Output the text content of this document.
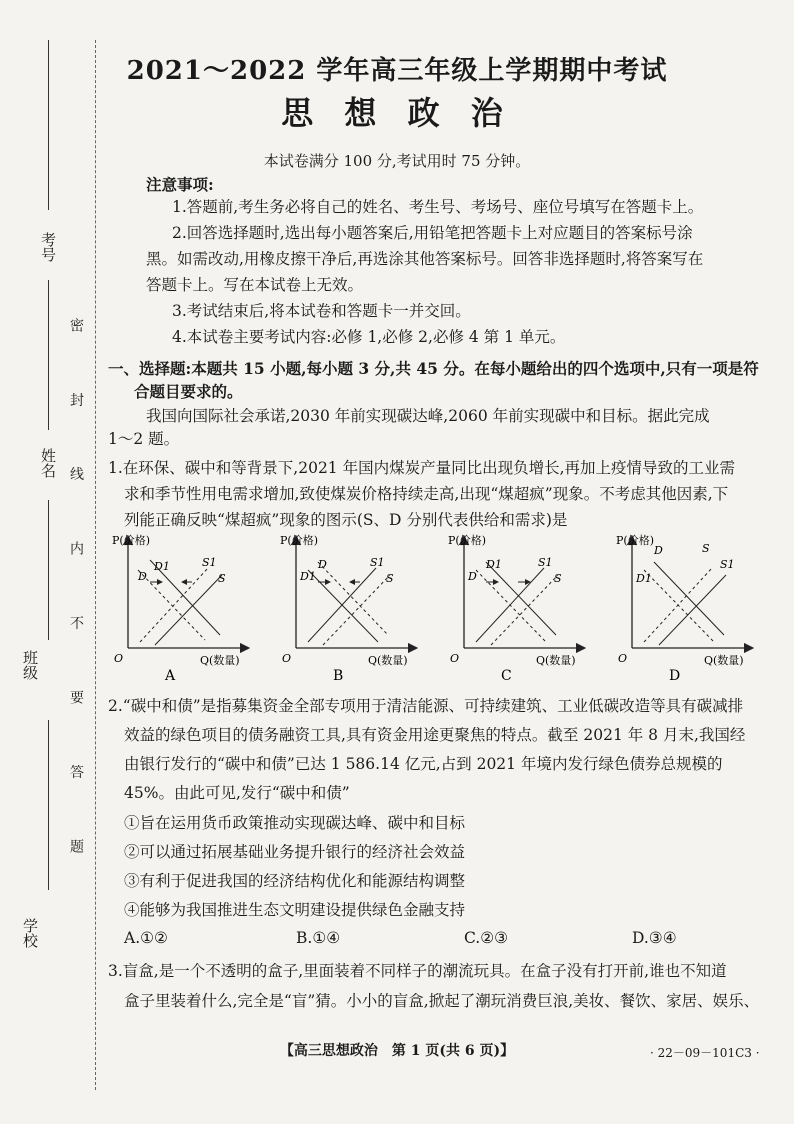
考号
姓名
班级
学校
密 封 线 内 不 要 答 题
2021～2022 学年高三年级上学期期中考试
思 想 政 治
本试卷满分 100 分,考试用时 75 分钟。
注意事项:
1.答题前,考生务必将自己的姓名、考生号、考场号、座位号填写在答题卡上。
2.回答选择题时,选出每小题答案后,用铅笔把答题卡上对应题目的答案标号涂
黑。如需改动,用橡皮擦干净后,再选涂其他答案标号。回答非选择题时,将答案写在
答题卡上。写在本试卷上无效。
3.考试结束后,将本试卷和答题卡一并交回。
4.本试卷主要考试内容:必修 1,必修 2,必修 4 第 1 单元。
一、选择题:本题共 15 小题,每小题 3 分,共 45 分。在每小题给出的四个选项中,只有一项是符
合题目要求的。
我国向国际社会承诺,2030 年前实现碳达峰,2060 年前实现碳中和目标。据此完成
1～2 题。
1.在环保、碳中和等背景下,2021 年国内煤炭产量同比出现负增长,再加上疫情导致的工业需
求和季节性用电需求增加,致使煤炭价格持续走高,出现“煤超疯”现象。不考虑其他因素,下
列能正确反映“煤超疯”现象的图示(S、D 分别代表供给和需求)是
P(价格)
O	Q(数量)
D
D1	S1
S
A
P(价格)
O	Q(数量)
D1
D	S1
S
B
P(价格)
O	Q(数量)
D
D1	S1
S
C
P(价格)
O	Q(数量)
D
D1
S
S1
D
2.“碳中和债”是指募集资金全部专项用于清洁能源、可持续建筑、工业低碳改造等具有碳减排
效益的绿色项目的债务融资工具,具有资金用途更聚焦的特点。截至 2021 年 8 月末,我国经
由银行发行的“碳中和债”已达 1 586.14 亿元,占到 2021 年境内发行绿色债券总规模的
45%。由此可见,发行“碳中和债”
①旨在运用货币政策推动实现碳达峰、碳中和目标
②可以通过拓展基础业务提升银行的经济社会效益
③有利于促进我国的经济结构优化和能源结构调整
④能够为我国推进生态文明建设提供绿色金融支持
A.①②	B.①④	C.②③	D.③④
3.盲盒,是一个不透明的盒子,里面装着不同样子的潮流玩具。在盒子没有打开前,谁也不知道
盒子里装着什么,完全是“盲”猜。小小的盲盒,掀起了潮玩消费巨浪,美妆、餐饮、家居、娱乐、
【高三思想政治　第 1 页(共 6 页)】	· 22－09－101C3 ·
